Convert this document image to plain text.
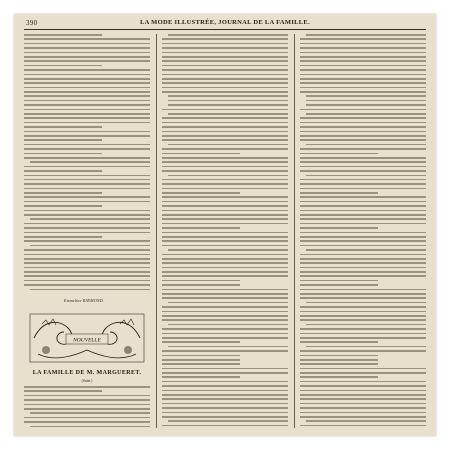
390	LA MODE ILLUSTRÉE, JOURNAL DE LA FAMILLE.
Emmeline RAYMOND.
NOUVELLE
LA FAMILLE DE M. MARGUERET.
(Suite.)
